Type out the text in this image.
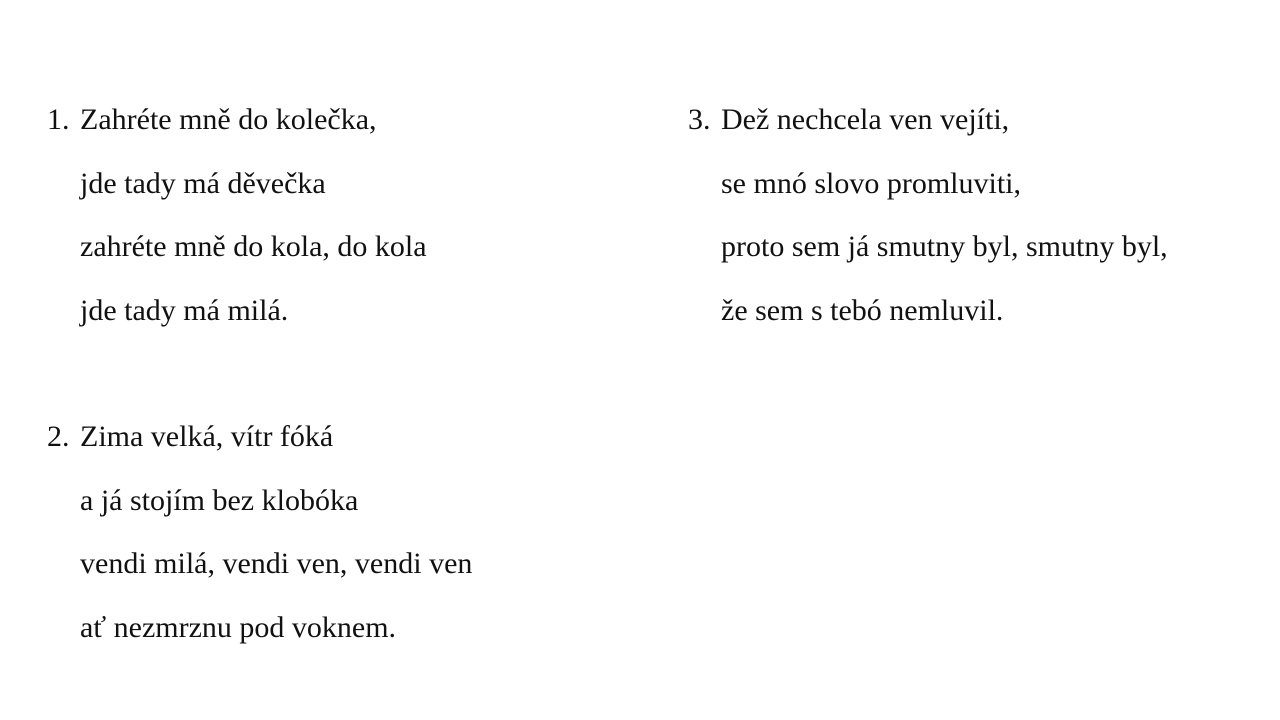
1. Zahréte mně do kolečka,
jde tady má děvečka
zahréte mně do kola, do kola
jde tady má milá.
2. Zima velká, vítr fóká
a já stojím bez klobóka
vendi milá, vendi ven, vendi ven
ať nezmrznu pod voknem.
3. Dež nechcela ven vejíti,
se mnó slovo promluviti,
proto sem já smutny byl, smutny byl,
že sem s tebó nemluvil.
